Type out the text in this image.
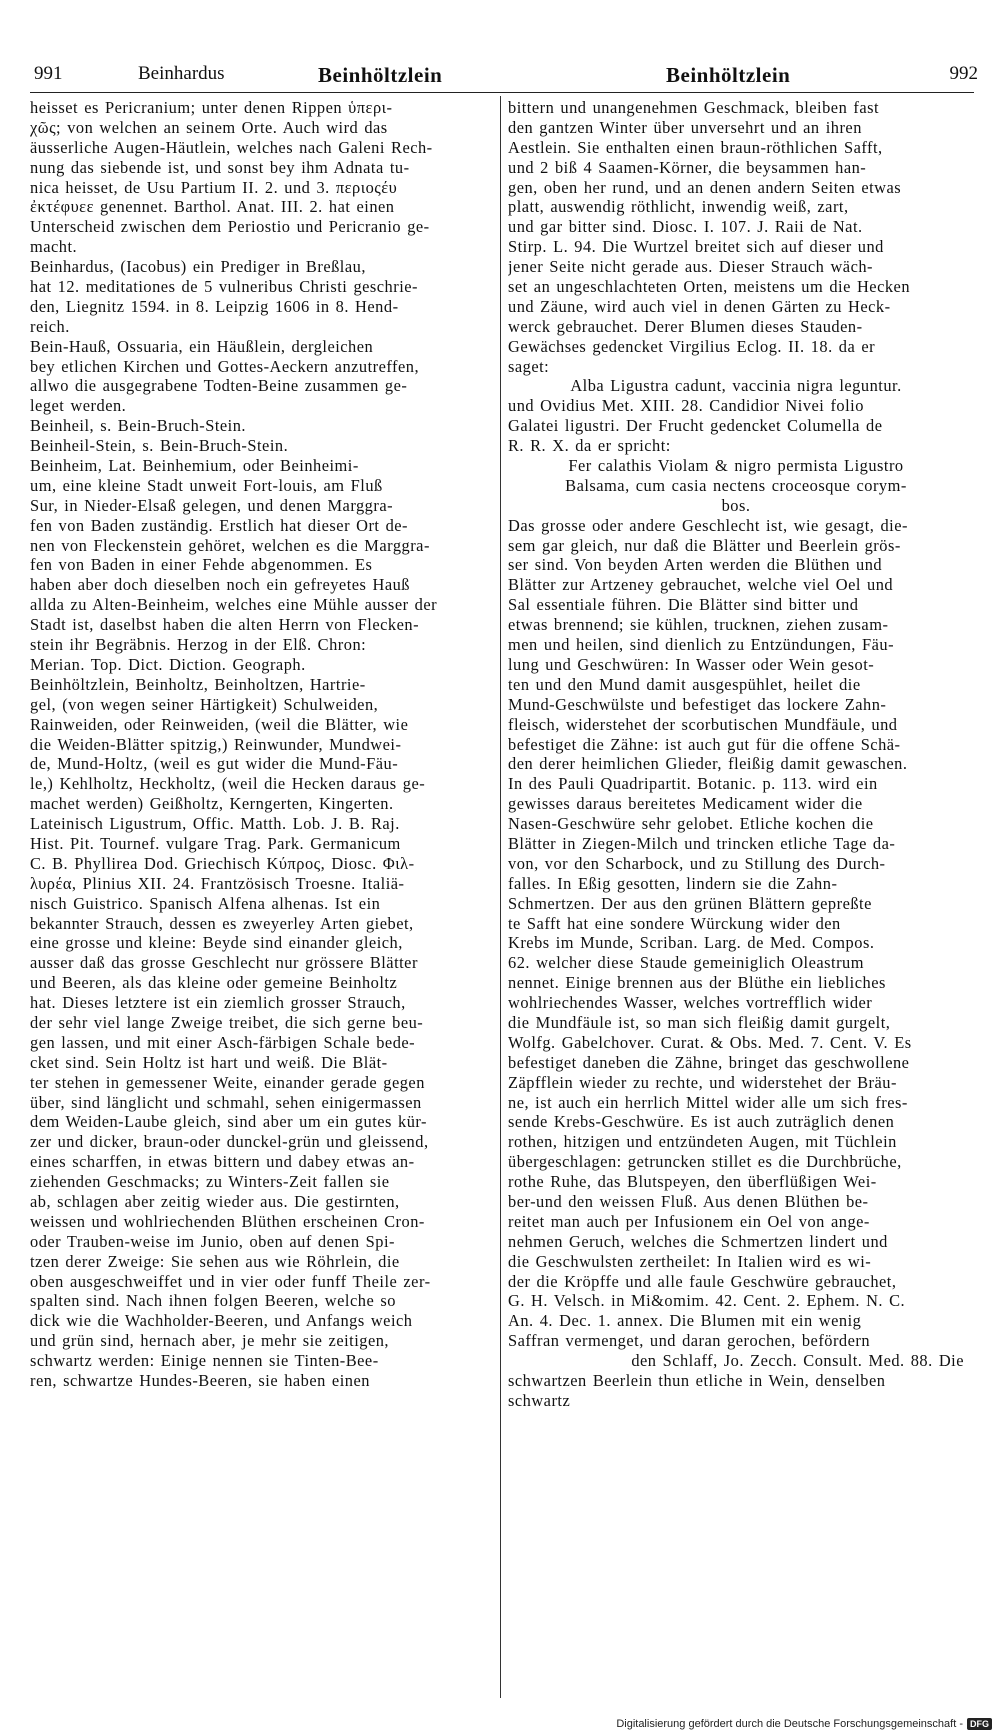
991	Beinhardus	Beinhöltzlein	Beinhöltzlein	992

heisset es Pericranium; unter denen Rippen ὑπερι-

χῶς; von welchen an seinem Orte. Auch wird das

äusserliche Augen-Häutlein, welches nach Galeni Rech-

nung das siebende ist, und sonst bey ihm Adnata tu-

nica heisset, de Usu Partium II. 2. und 3. περιοςέυ

ἐκτέφυεε genennet. Barthol. Anat. III. 2. hat einen

Unterscheid zwischen dem Periostio und Pericranio ge-

macht.

Beinhardus, (Iacobus) ein Prediger in Breßlau,

hat 12. meditationes de 5 vulneribus Christi geschrie-

den, Liegnitz 1594. in 8. Leipzig 1606 in 8. Hend-

reich.

Bein-Hauß, Ossuaria, ein Häußlein, dergleichen

bey etlichen Kirchen und Gottes-Aeckern anzutreffen,

allwo die ausgegrabene Todten-Beine zusammen ge-

leget werden.

Beinheil, s. Bein-Bruch-Stein.

Beinheil-Stein, s. Bein-Bruch-Stein.

Beinheim, Lat. Beinhemium, oder Beinheimi-

um, eine kleine Stadt unweit Fort-louis, am Fluß

Sur, in Nieder-Elsaß gelegen, und denen Marggra-

fen von Baden zuständig. Erstlich hat dieser Ort de-

nen von Fleckenstein gehöret, welchen es die Marggra-

fen von Baden in einer Fehde abgenommen. Es

haben aber doch dieselben noch ein gefreyetes Hauß

allda zu Alten-Beinheim, welches eine Mühle ausser der

Stadt ist, daselbst haben die alten Herrn von Flecken-

stein ihr Begräbnis. Herzog in der Elß. Chron:

Merian. Top. Dict. Diction. Geograph.

Beinhöltzlein, Beinholtz, Beinholtzen, Hartrie-

gel, (von wegen seiner Härtigkeit) Schulweiden,

Rainweiden, oder Reinweiden, (weil die Blätter, wie

die Weiden-Blätter spitzig,) Reinwunder, Mundwei-

de, Mund-Holtz, (weil es gut wider die Mund-Fäu-

le,) Kehlholtz, Heckholtz, (weil die Hecken daraus ge-

machet werden) Geißholtz, Kerngerten, Kingerten.

Lateinisch Ligustrum, Offic. Matth. Lob. J. B. Raj.

Hist. Pit. Tournef. vulgare Trag. Park. Germanicum

C. B. Phyllirea Dod. Griechisch Κύπρος, Diosc. Φιλ-

λυρέα, Plinius XII. 24. Frantzösisch Troesne. Italiä-

nisch Guistrico. Spanisch Alfena alhenas. Ist ein

bekannter Strauch, dessen es zweyerley Arten giebet,

eine grosse und kleine: Beyde sind einander gleich,

ausser daß das grosse Geschlecht nur grössere Blätter

und Beeren, als das kleine oder gemeine Beinholtz

hat. Dieses letztere ist ein ziemlich grosser Strauch,

der sehr viel lange Zweige treibet, die sich gerne beu-

gen lassen, und mit einer Asch-färbigen Schale bede-

cket sind. Sein Holtz ist hart und weiß. Die Blät-

ter stehen in gemessener Weite, einander gerade gegen

über, sind länglicht und schmahl, sehen einigermassen

dem Weiden-Laube gleich, sind aber um ein gutes kür-

zer und dicker, braun-oder dunckel-grün und gleissend,

eines scharffen, in etwas bittern und dabey etwas an-

ziehenden Geschmacks; zu Winters-Zeit fallen sie

ab, schlagen aber zeitig wieder aus. Die gestirnten,

weissen und wohlriechenden Blüthen erscheinen Cron-

oder Trauben-weise im Junio, oben auf denen Spi-

tzen derer Zweige: Sie sehen aus wie Röhrlein, die

oben ausgeschweiffet und in vier oder funff Theile zer-

spalten sind. Nach ihnen folgen Beeren, welche so

dick wie die Wachholder-Beeren, und Anfangs weich

und grün sind, hernach aber, je mehr sie zeitigen,

schwartz werden: Einige nennen sie Tinten-Bee-

ren, schwartze Hundes-Beeren, sie haben einen

bittern und unangenehmen Geschmack, bleiben fast

den gantzen Winter über unversehrt und an ihren

Aestlein. Sie enthalten einen braun-röthlichen Safft,

und 2 biß 4 Saamen-Körner, die beysammen han-

gen, oben her rund, und an denen andern Seiten etwas

platt, auswendig röthlicht, inwendig weiß, zart,

und gar bitter sind. Diosc. I. 107. J. Raii de Nat.

Stirp. L. 94. Die Wurtzel breitet sich auf dieser und

jener Seite nicht gerade aus. Dieser Strauch wäch-

set an ungeschlachteten Orten, meistens um die Hecken

und Zäune, wird auch viel in denen Gärten zu Heck-

werck gebrauchet. Derer Blumen dieses Stauden-

Gewächses gedencket Virgilius Eclog. II. 18. da er

saget:

Alba Ligustra cadunt, vaccinia nigra leguntur.

und Ovidius Met. XIII. 28. Candidior Nivei folio

Galatei ligustri. Der Frucht gedencket Columella de

R. R. X. da er spricht:

Fer calathis Violam & nigro permista Ligustro

Balsama, cum casia nectens croceosque corym-

bos.

Das grosse oder andere Geschlecht ist, wie gesagt, die-

sem gar gleich, nur daß die Blätter und Beerlein grös-

ser sind. Von beyden Arten werden die Blüthen und

Blätter zur Artzeney gebrauchet, welche viel Oel und

Sal essentiale führen. Die Blätter sind bitter und

etwas brennend; sie kühlen, trucknen, ziehen zusam-

men und heilen, sind dienlich zu Entzündungen, Fäu-

lung und Geschwüren: In Wasser oder Wein gesot-

ten und den Mund damit ausgespühlet, heilet die

Mund-Geschwülste und befestiget das lockere Zahn-

fleisch, widerstehet der scorbutischen Mundfäule, und

befestiget die Zähne: ist auch gut für die offene Schä-

den derer heimlichen Glieder, fleißig damit gewaschen.

In des Pauli Quadripartit. Botanic. p. 113. wird ein

gewisses daraus bereitetes Medicament wider die

Nasen-Geschwüre sehr gelobet. Etliche kochen die

Blätter in Ziegen-Milch und trincken etliche Tage da-

von, vor den Scharbock, und zu Stillung des Durch-

falles. In Eßig gesotten, lindern sie die Zahn-

Schmertzen. Der aus den grünen Blättern gepreßte

te Safft hat eine sondere Würckung wider den

Krebs im Munde, Scriban. Larg. de Med. Compos.

62. welcher diese Staude gemeiniglich Oleastrum

nennet. Einige brennen aus der Blüthe ein liebliches

wohlriechendes Wasser, welches vortrefflich wider

die Mundfäule ist, so man sich fleißig damit gurgelt,

Wolfg. Gabelchover. Curat. & Obs. Med. 7. Cent. V. Es

befestiget daneben die Zähne, bringet das geschwollene

Zäpfflein wieder zu rechte, und widerstehet der Bräu-

ne, ist auch ein herrlich Mittel wider alle um sich fres-

sende Krebs-Geschwüre. Es ist auch zuträglich denen

rothen, hitzigen und entzündeten Augen, mit Tüchlein

übergeschlagen: getruncken stillet es die Durchbrüche,

rothe Ruhe, das Blutspeyen, den überflüßigen Wei-

ber-und den weissen Fluß. Aus denen Blüthen be-

reitet man auch per Infusionem ein Oel von ange-

nehmen Geruch, welches die Schmertzen lindert und

die Geschwulsten zertheilet: In Italien wird es wi-

der die Kröpffe und alle faule Geschwüre gebrauchet,

G. H. Velsch. in Mi&omim. 42. Cent. 2. Ephem. N. C.

An. 4. Dec. 1. annex. Die Blumen mit ein wenig

Saffran vermenget, und daran gerochen, befördern

den Schlaff, Jo. Zecch. Consult. Med. 88. Die

schwartzen Beerlein thun etliche in Wein, denselben

schwartz

Digitalisierung gefördert durch die Deutsche Forschungsgemeinschaft - DFG
